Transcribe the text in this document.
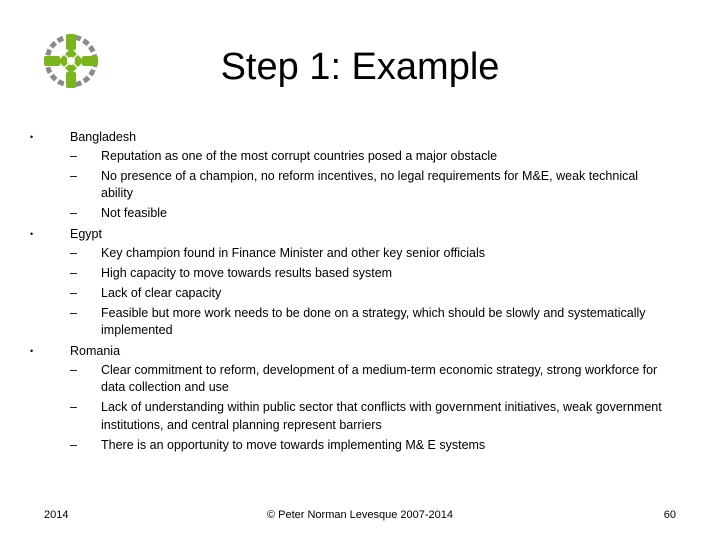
Step 1: Example
•	Bangladesh
– Reputation as one of the most corrupt countries posed a major obstacle
– No presence of a champion, no reform incentives, no legal requirements for M&E, weak technical ability
– Not feasible
•	Egypt
– Key champion found in Finance Minister and other key senior officials
– High capacity to move towards results based system
– Lack of clear capacity
– Feasible but more work needs to be done on a strategy, which should be slowly and systematically implemented
•	Romania
– Clear commitment to reform, development of a medium-term economic strategy, strong workforce for data collection and use
– Lack of understanding within public sector that conflicts with government initiatives, weak government institutions, and central planning represent barriers
– There is an opportunity to move towards implementing M& E systems
2014	© Peter Norman Levesque 2007-2014	60
